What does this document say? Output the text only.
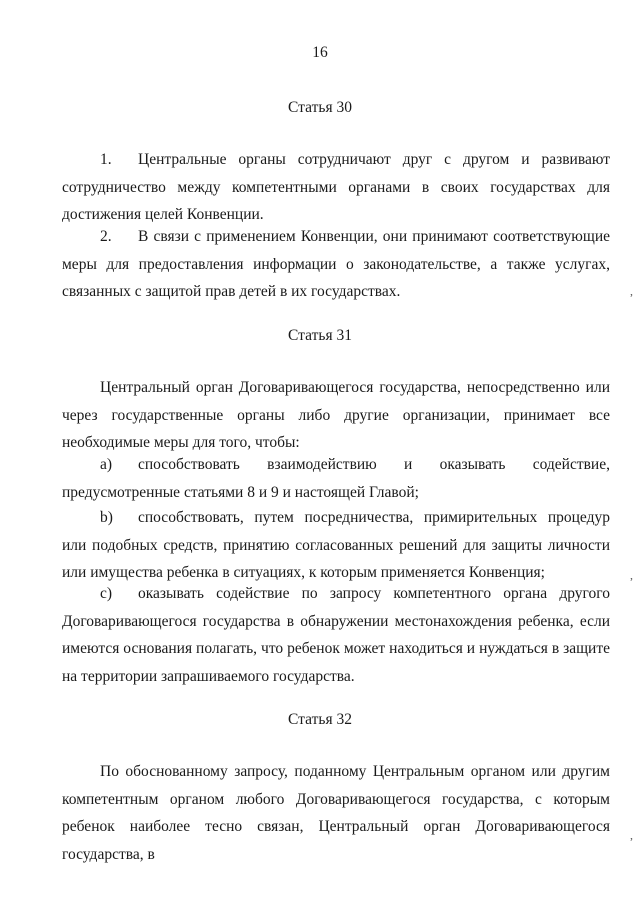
16
Статья 30
1. Центральные органы сотрудничают друг с другом и развивают сотрудничество между компетентными органами в своих государствах для достижения целей Конвенции.
2. В связи с применением Конвенции, они принимают соответствующие меры для предоставления информации о законодательстве, а также услугах, связанных с защитой прав детей в их государствах.
Статья 31
Центральный орган Договаривающегося государства, непосредственно или через государственные органы либо другие организации, принимает все необходимые меры для того, чтобы:
a) способствовать взаимодействию и оказывать содействие, предусмотренные статьями 8 и 9 и настоящей Главой;
b) способствовать, путем посредничества, примирительных процедур или подобных средств, принятию согласованных решений для защиты личности или имущества ребенка в ситуациях, к которым применяется Конвенция;
c) оказывать содействие по запросу компетентного органа другого Договаривающегося государства в обнаружении местонахождения ребенка, если имеются основания полагать, что ребенок может находиться и нуждаться в защите на территории запрашиваемого государства.
Статья 32
По обоснованному запросу, поданному Центральным органом или другим компетентным органом любого Договаривающегося государства, с которым ребенок наиболее тесно связан, Центральный орган Договаривающегося государства, в
,
,
,
